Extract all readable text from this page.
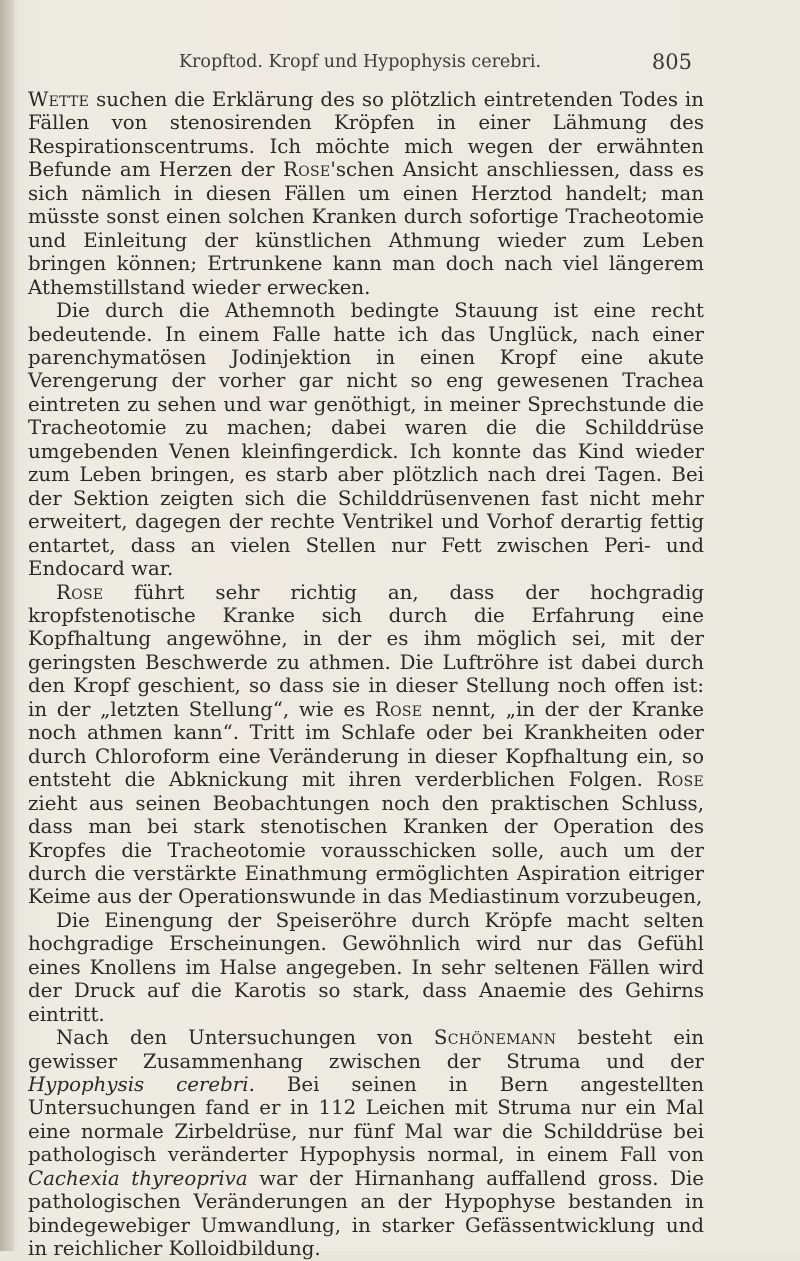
Kropftod. Kropf und Hypophysis cerebri.	805

Wette suchen die Erklärung des so plötzlich eintretenden Todes in Fällen von stenosirenden Kröpfen in einer Lähmung des Respirationscentrums. Ich möchte mich wegen der erwähnten Befunde am Herzen der Rose'schen Ansicht anschliessen, dass es sich nämlich in diesen Fällen um einen Herztod handelt; man müsste sonst einen solchen Kranken durch sofortige Tracheotomie und Einleitung der künstlichen Athmung wieder zum Leben bringen können; Ertrunkene kann man doch nach viel längerem Athemstillstand wieder erwecken.

Die durch die Athemnoth bedingte Stauung ist eine recht bedeutende. In einem Falle hatte ich das Unglück, nach einer parenchymatösen Jodinjektion in einen Kropf eine akute Verengerung der vorher gar nicht so eng gewesenen Trachea eintreten zu sehen und war genöthigt, in meiner Sprechstunde die Tracheotomie zu machen; dabei waren die die Schilddrüse umgebenden Venen kleinfingerdick. Ich konnte das Kind wieder zum Leben bringen, es starb aber plötzlich nach drei Tagen. Bei der Sektion zeigten sich die Schilddrüsenvenen fast nicht mehr erweitert, dagegen der rechte Ventrikel und Vorhof derartig fettig entartet, dass an vielen Stellen nur Fett zwischen Peri- und Endocard war.

Rose führt sehr richtig an, dass der hochgradig kropfstenotische Kranke sich durch die Erfahrung eine Kopfhaltung angewöhne, in der es ihm möglich sei, mit der geringsten Beschwerde zu athmen. Die Luftröhre ist dabei durch den Kropf geschient, so dass sie in dieser Stellung noch offen ist: in der „letzten Stellung“, wie es Rose nennt, „in der der Kranke noch athmen kann“. Tritt im Schlafe oder bei Krankheiten oder durch Chloroform eine Veränderung in dieser Kopfhaltung ein, so entsteht die Abknickung mit ihren verderblichen Folgen. Rose zieht aus seinen Beobachtungen noch den praktischen Schluss, dass man bei stark stenotischen Kranken der Operation des Kropfes die Tracheotomie vorausschicken solle, auch um der durch die verstärkte Einathmung ermöglichten Aspiration eitriger Keime aus der Operationswunde in das Mediastinum vorzubeugen,

Die Einengung der Speiseröhre durch Kröpfe macht selten hochgradige Erscheinungen. Gewöhnlich wird nur das Gefühl eines Knollens im Halse angegeben. In sehr seltenen Fällen wird der Druck auf die Karotis so stark, dass Anaemie des Gehirns eintritt.

Nach den Untersuchungen von Schönemann besteht ein gewisser Zusammenhang zwischen der Struma und der Hypophysis cerebri. Bei seinen in Bern angestellten Untersuchungen fand er in 112 Leichen mit Struma nur ein Mal eine normale Zirbeldrüse, nur fünf Mal war die Schilddrüse bei pathologisch veränderter Hypophysis normal, in einem Fall von Cachexia thyreopriva war der Hirnanhang auffallend gross. Die pathologischen Veränderungen an der Hypophyse bestanden in bindegewebiger Umwandlung, in starker Gefässentwicklung und in reichlicher Kolloidbildung.
